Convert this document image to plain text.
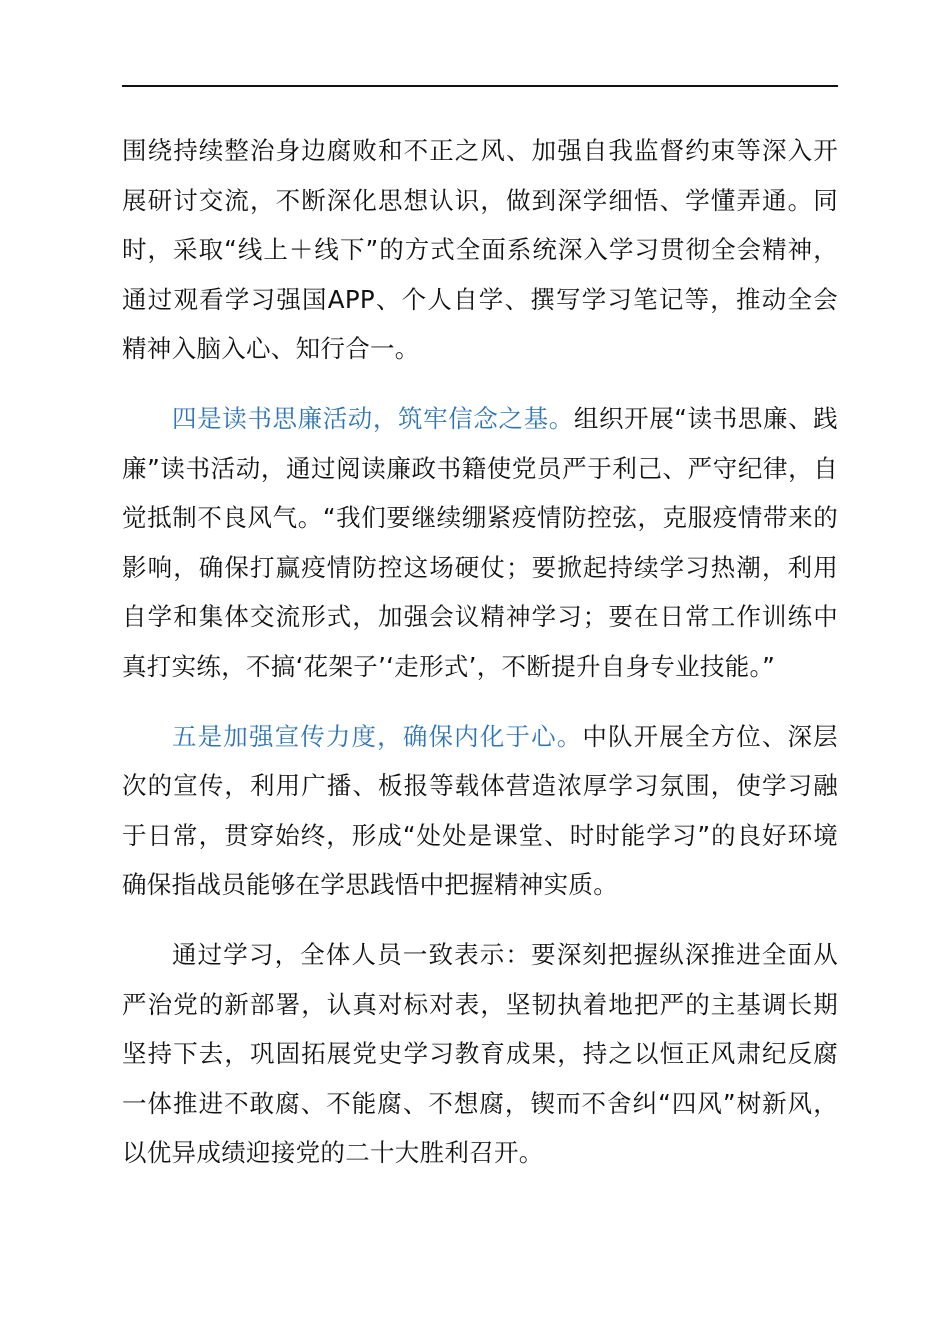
围绕持续整治身边腐败和不正之风、加强自我监督约束等深入开展研讨交流，不断深化思想认识，做到深学细悟、学懂弄通。同时，采取“线上＋线下”的方式全面系统深入学习贯彻全会精神，通过观看学习强国APP、个人自学、撰写学习笔记等，推动全会精神入脑入心、知行合一。

四是读书思廉活动，筑牢信念之基。组织开展“读书思廉、践廉”读书活动，通过阅读廉政书籍使党员严于利己、严守纪律，自觉抵制不良风气。“我们要继续绷紧疫情防控弦，克服疫情带来的影响，确保打赢疫情防控这场硬仗；要掀起持续学习热潮，利用自学和集体交流形式，加强会议精神学习；要在日常工作训练中真打实练，不搞‘花架子’‘走形式’，不断提升自身专业技能。”

五是加强宣传力度，确保内化于心。中队开展全方位、深层次的宣传，利用广播、板报等载体营造浓厚学习氛围，使学习融于日常，贯穿始终，形成“处处是课堂、时时能学习”的良好环境确保指战员能够在学思践悟中把握精神实质。

通过学习，全体人员一致表示：要深刻把握纵深推进全面从严治党的新部署，认真对标对表，坚韧执着地把严的主基调长期坚持下去，巩固拓展党史学习教育成果，持之以恒正风肃纪反腐一体推进不敢腐、不能腐、不想腐，锲而不舍纠“四风”树新风，以优异成绩迎接党的二十大胜利召开。
